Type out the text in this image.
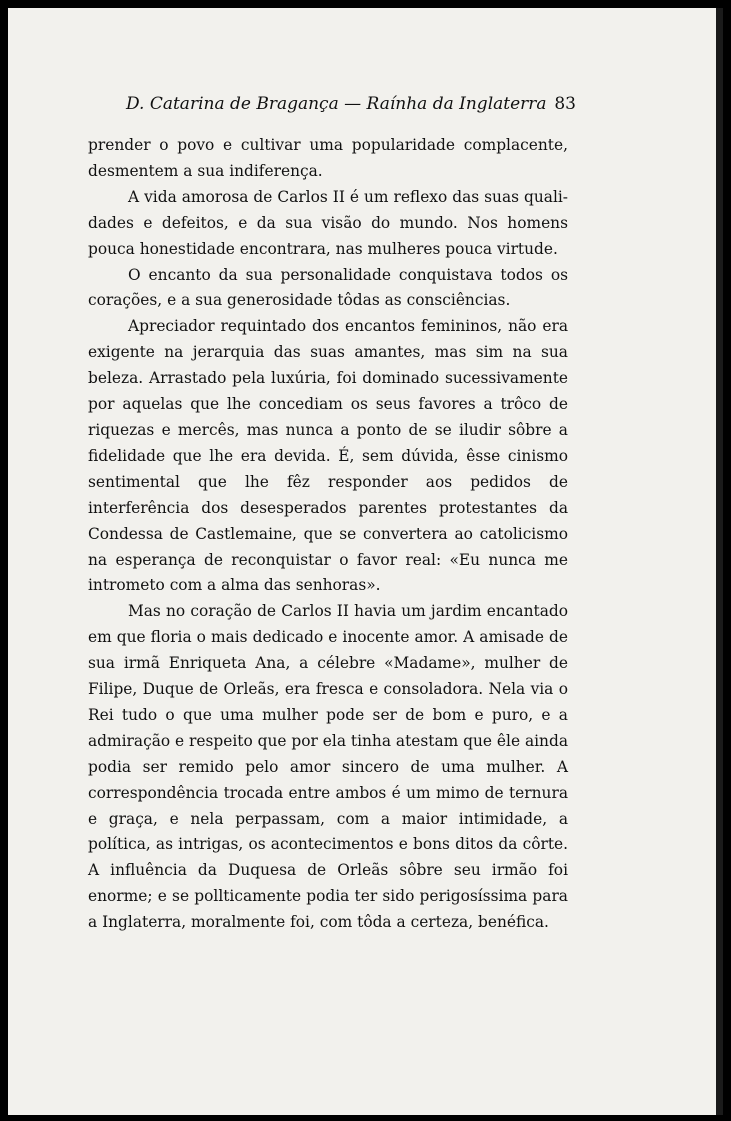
D. Catarina de Bragança — Raínha da Inglaterra 83

prender o povo e cultivar uma popularidade complacente, desmentem a sua indiferença.

A vida amorosa de Carlos II é um reflexo das suas qualidades e defeitos, e da sua visão do mundo. Nos homens pouca honestidade encontrara, nas mulheres pouca virtude.

O encanto da sua personalidade conquistava todos os corações, e a sua generosidade tôdas as consciências.

Apreciador requintado dos encantos femininos, não era exigente na jerarquia das suas amantes, mas sim na sua beleza. Arrastado pela luxúria, foi dominado sucessivamente por aquelas que lhe concediam os seus favores a trôco de riquezas e mercês, mas nunca a ponto de se iludir sôbre a fidelidade que lhe era devida. É, sem dúvida, êsse cinismo sentimental que lhe fêz responder aos pedidos de interferência dos desesperados parentes protestantes da Condessa de Castlemaine, que se convertera ao catolicismo na esperança de reconquistar o favor real: «Eu nunca me intrometo com a alma das senhoras».

Mas no coração de Carlos II havia um jardim encantado em que floria o mais dedicado e inocente amor. A amisade de sua irmã Enriqueta Ana, a célebre «Madame», mulher de Filipe, Duque de Orleãs, era fresca e consoladora. Nela via o Rei tudo o que uma mulher pode ser de bom e puro, e a admiração e respeito que por ela tinha atestam que êle ainda podia ser remido pelo amor sincero de uma mulher. A correspondência trocada entre ambos é um mimo de ternura e graça, e nela perpassam, com a maior intimidade, a política, as intrigas, os acontecimentos e bons ditos da côrte. A influência da Duquesa de Orleãs sôbre seu irmão foi enorme; e se pollticamente podia ter sido perigosíssima para a Inglaterra, moralmente foi, com tôda a certeza, benéfica.
